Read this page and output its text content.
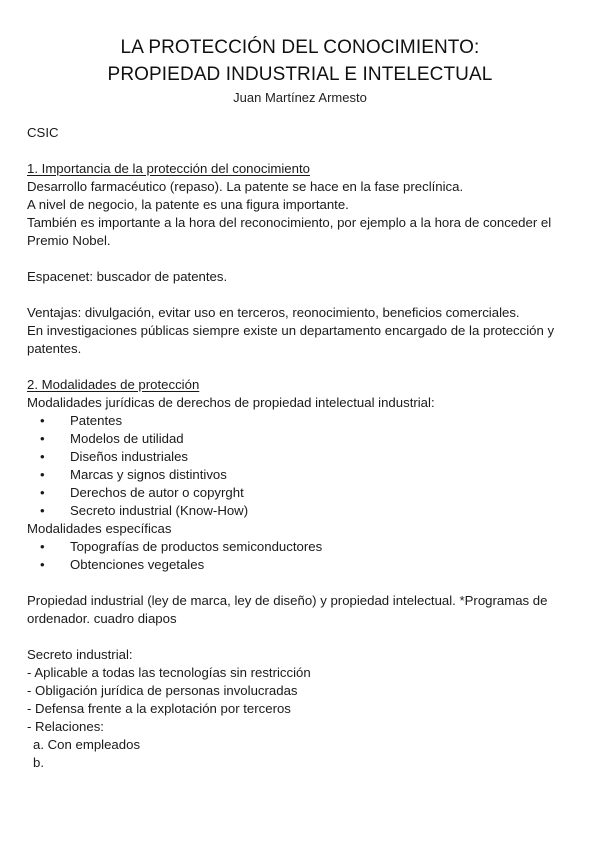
LA PROTECCIÓN DEL CONOCIMIENTO:
PROPIEDAD INDUSTRIAL E INTELECTUAL
Juan Martínez Armesto
CSIC
1. Importancia de la protección del conocimiento
Desarrollo farmacéutico (repaso). La patente se hace en la fase preclínica.
A nivel de negocio, la patente es una figura importante.
También es importante a la hora del reconocimiento, por ejemplo a la hora de conceder el
Premio Nobel.
Espacenet: buscador de patentes.
Ventajas: divulgación, evitar uso en terceros, reonocimiento, beneficios comerciales.
En investigaciones públicas siempre existe un departamento encargado de la protección y
patentes.
2. Modalidades de protección
Modalidades jurídicas de derechos de propiedad intelectual industrial:
• Patentes
• Modelos de utilidad
• Diseños industriales
• Marcas y signos distintivos
• Derechos de autor o copyrght
• Secreto industrial (Know-How)
Modalidades específicas
• Topografías de productos semiconductores
• Obtenciones vegetales
Propiedad industrial (ley de marca, ley de diseño) y propiedad intelectual. *Programas de
ordenador. cuadro diapos
Secreto industrial:
- Aplicable a todas las tecnologías sin restricción
- Obligación jurídica de personas involucradas
- Defensa frente a la explotación por terceros
- Relaciones:
a. Con empleados
b.
